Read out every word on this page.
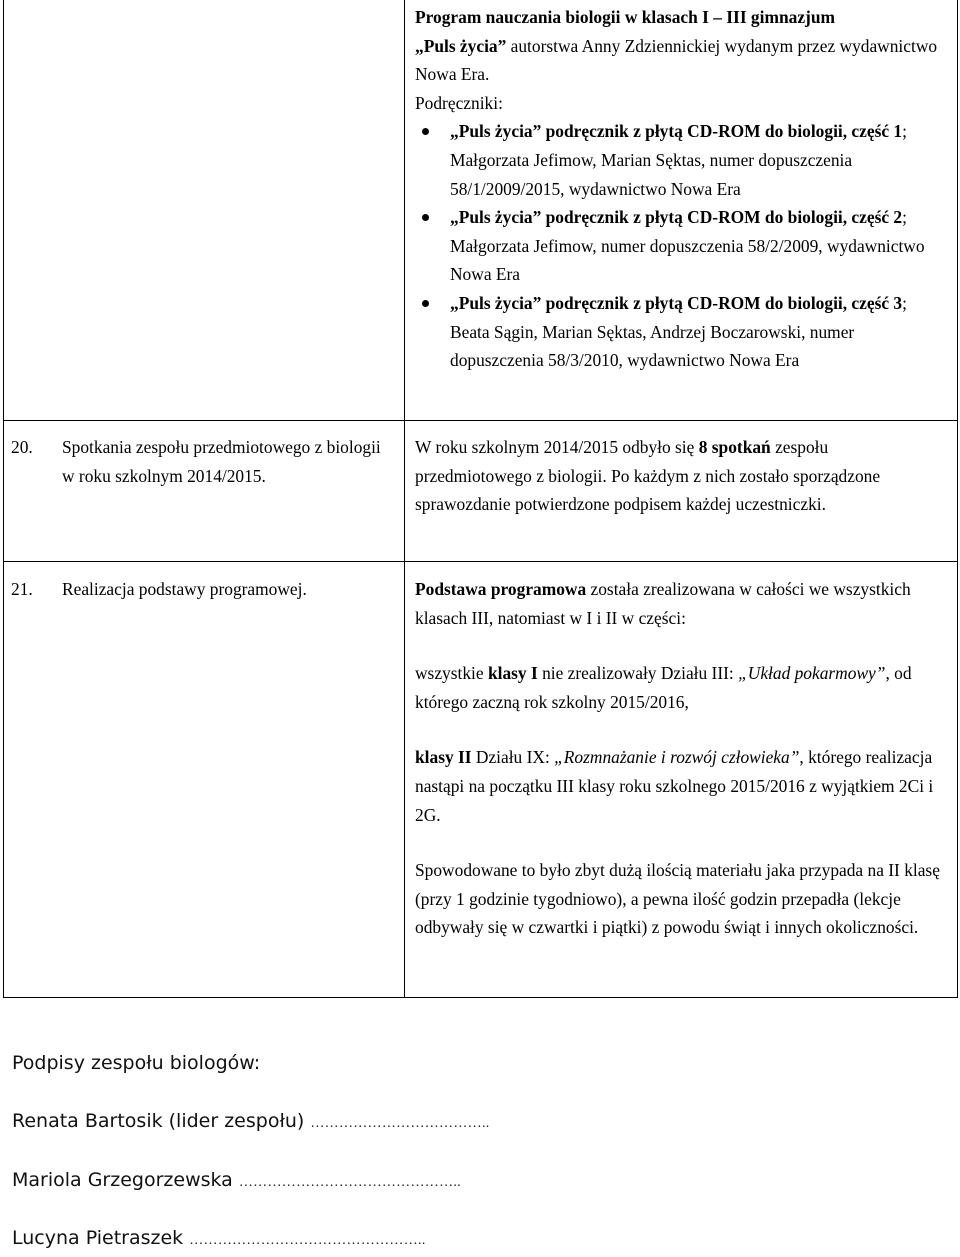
Program nauczania biologii w klasach I – III gimnazjum
„Puls życia” autorstwa Anny Zdziennickiej wydanym przez wydawnictwo Nowa Era.

Podręczniki:

„Puls życia” podręcznik z płytą CD-ROM do biologii, część 1; Małgorzata Jefimow, Marian Sęktas, numer dopuszczenia 58/1/2009/2015, wydawnictwo Nowa Era
„Puls życia” podręcznik z płytą CD-ROM do biologii, część 2; Małgorzata Jefimow, numer dopuszczenia 58/2/2009, wydawnictwo Nowa Era
„Puls życia” podręcznik z płytą CD-ROM do biologii, część 3; Beata Sągin, Marian Sęktas, Andrzej Boczarowski, numer dopuszczenia 58/3/2010, wydawnictwo Nowa Era
20. Spotkania zespołu przedmiotowego z biologii w roku szkolnym 2014/2015.

W roku szkolnym 2014/2015 odbyło się 8 spotkań zespołu przedmiotowego z biologii. Po każdym z nich zostało sporządzone sprawozdanie potwierdzone podpisem każdej uczestniczki.

21. Realizacja podstawy programowej.	Podstawa programowa została zrealizowana w całości we wszystkich klasach III, natomiast w I i II w części:

wszystkie klasy I nie zrealizowały Działu III: „Układ pokarmowy”, od którego zaczną rok szkolny 2015/2016,

klasy II Działu IX: „Rozmnażanie i rozwój człowieka”, którego realizacja nastąpi na początku III klasy roku szkolnego 2015/2016 z wyjątkiem 2Ci i 2G.

Spowodowane to było zbyt dużą ilością materiału jaka przypada na II klasę (przy 1 godzinie tygodniowo), a pewna ilość godzin przepadła (lekcje odbywały się w czwartki i piątki) z powodu świąt i innych okoliczności.

Podpisy zespołu biologów:
Renata Bartosik (lider zespołu) ………………………………..
Mariola Grzegorzewska ………………………………………..
Lucyna Pietraszek …………………………………………..
